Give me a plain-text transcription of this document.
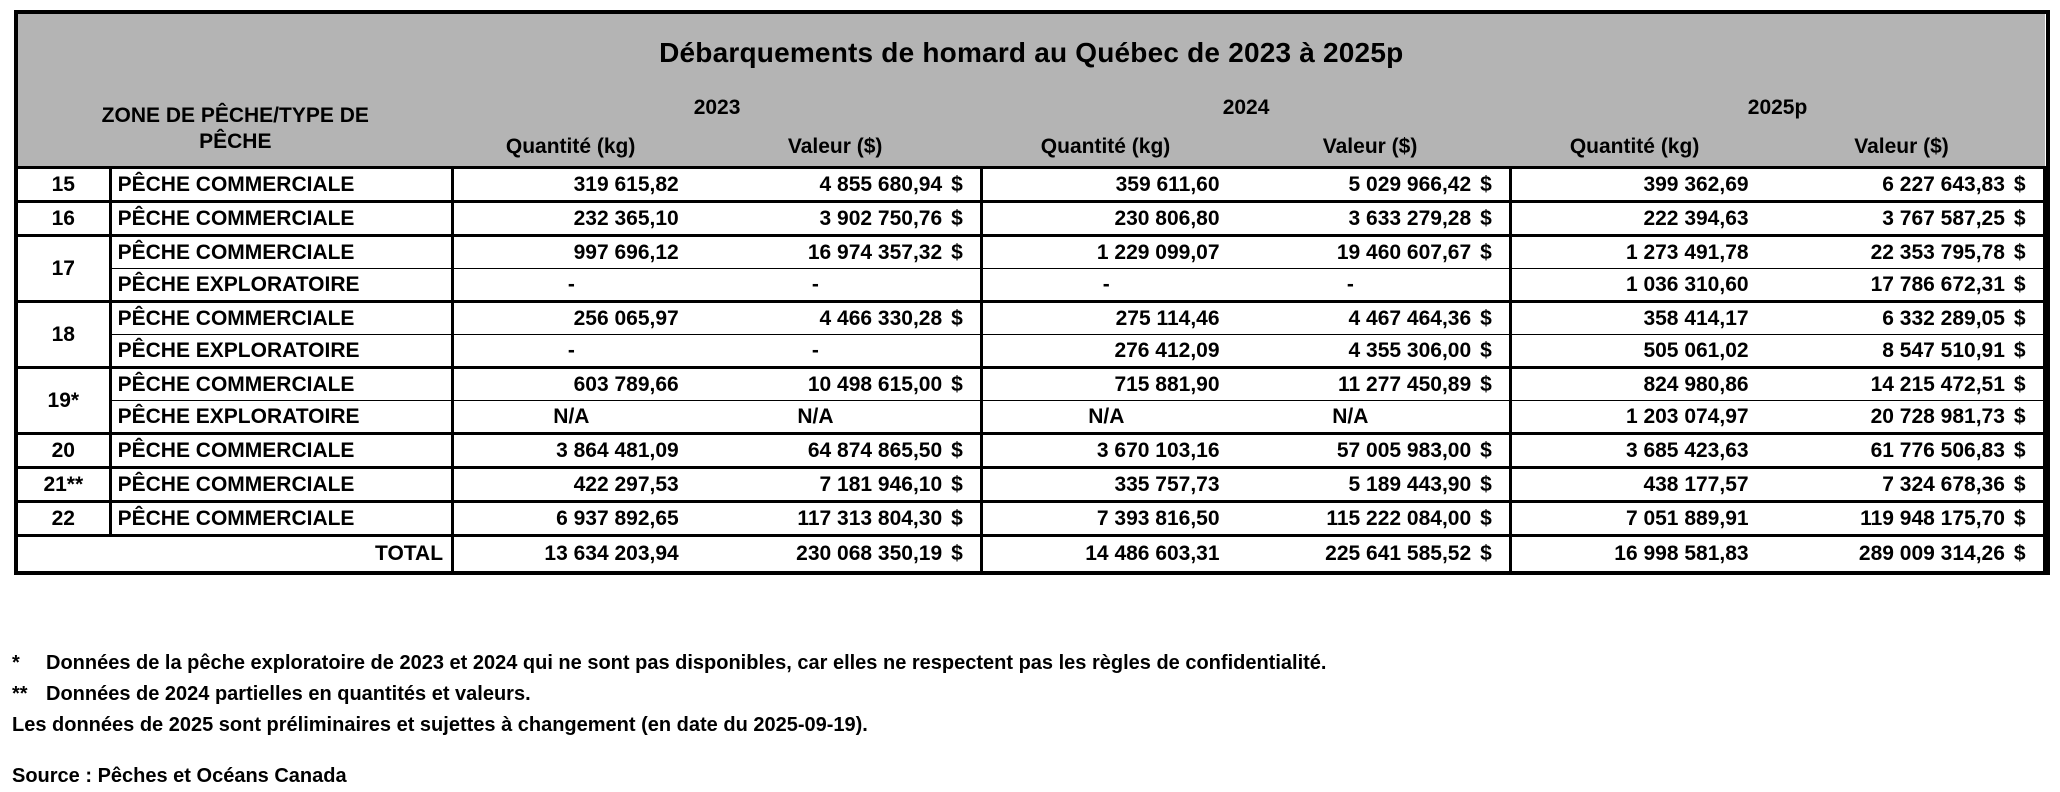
Débarquements de homard au Québec de 2023 à 2025p										

ZONE DE PÊCHE/TYPE DE
PÊCHE		2023			2024			2025p		
		Quantité (kg)	Valeur ($)		Quantité (kg)	Valeur ($)		Quantité (kg)	Valeur ($)	
15	PÊCHE COMMERCIALE	319 615,82	4 855 680,94	$	359 611,60	5 029 966,42	$	399 362,69	6 227 643,83	$
16	PÊCHE COMMERCIALE	232 365,10	3 902 750,76	$	230 806,80	3 633 279,28	$	222 394,63	3 767 587,25	$
17	PÊCHE COMMERCIALE	997 696,12	16 974 357,32	$	1 229 099,07	19 460 607,67	$	1 273 491,78	22 353 795,78	$
	PÊCHE EXPLORATOIRE	-	-		-	-		1 036 310,60	17 786 672,31	$
18	PÊCHE COMMERCIALE	256 065,97	4 466 330,28	$	275 114,46	4 467 464,36	$	358 414,17	6 332 289,05	$
	PÊCHE EXPLORATOIRE	-	-		276 412,09	4 355 306,00	$	505 061,02	8 547 510,91	$
19*	PÊCHE COMMERCIALE	603 789,66	10 498 615,00	$	715 881,90	11 277 450,89	$	824 980,86	14 215 472,51	$
	PÊCHE EXPLORATOIRE	N/A	N/A		N/A	N/A		1 203 074,97	20 728 981,73	$
20	PÊCHE COMMERCIALE	3 864 481,09	64 874 865,50	$	3 670 103,16	57 005 983,00	$	3 685 423,63	61 776 506,83	$
21**	PÊCHE COMMERCIALE	422 297,53	7 181 946,10	$	335 757,73	5 189 443,90	$	438 177,57	7 324 678,36	$
22	PÊCHE COMMERCIALE	6 937 892,65	117 313 804,30	$	7 393 816,50	115 222 084,00	$	7 051 889,91	119 948 175,70	$
TOTAL		13 634 203,94	230 068 350,19	$	14 486 603,31	225 641 585,52	$	16 998 581,83	289 009 314,26	$
* Données de la pêche exploratoire de 2023 et 2024 qui ne sont pas disponibles, car elles ne respectent pas les règles de confidentialité.
** Données de 2024 partielles en quantités et valeurs.
Les données de 2025 sont préliminaires et sujettes à changement (en date du 2025-09-19).
Source : Pêches et Océans Canada
